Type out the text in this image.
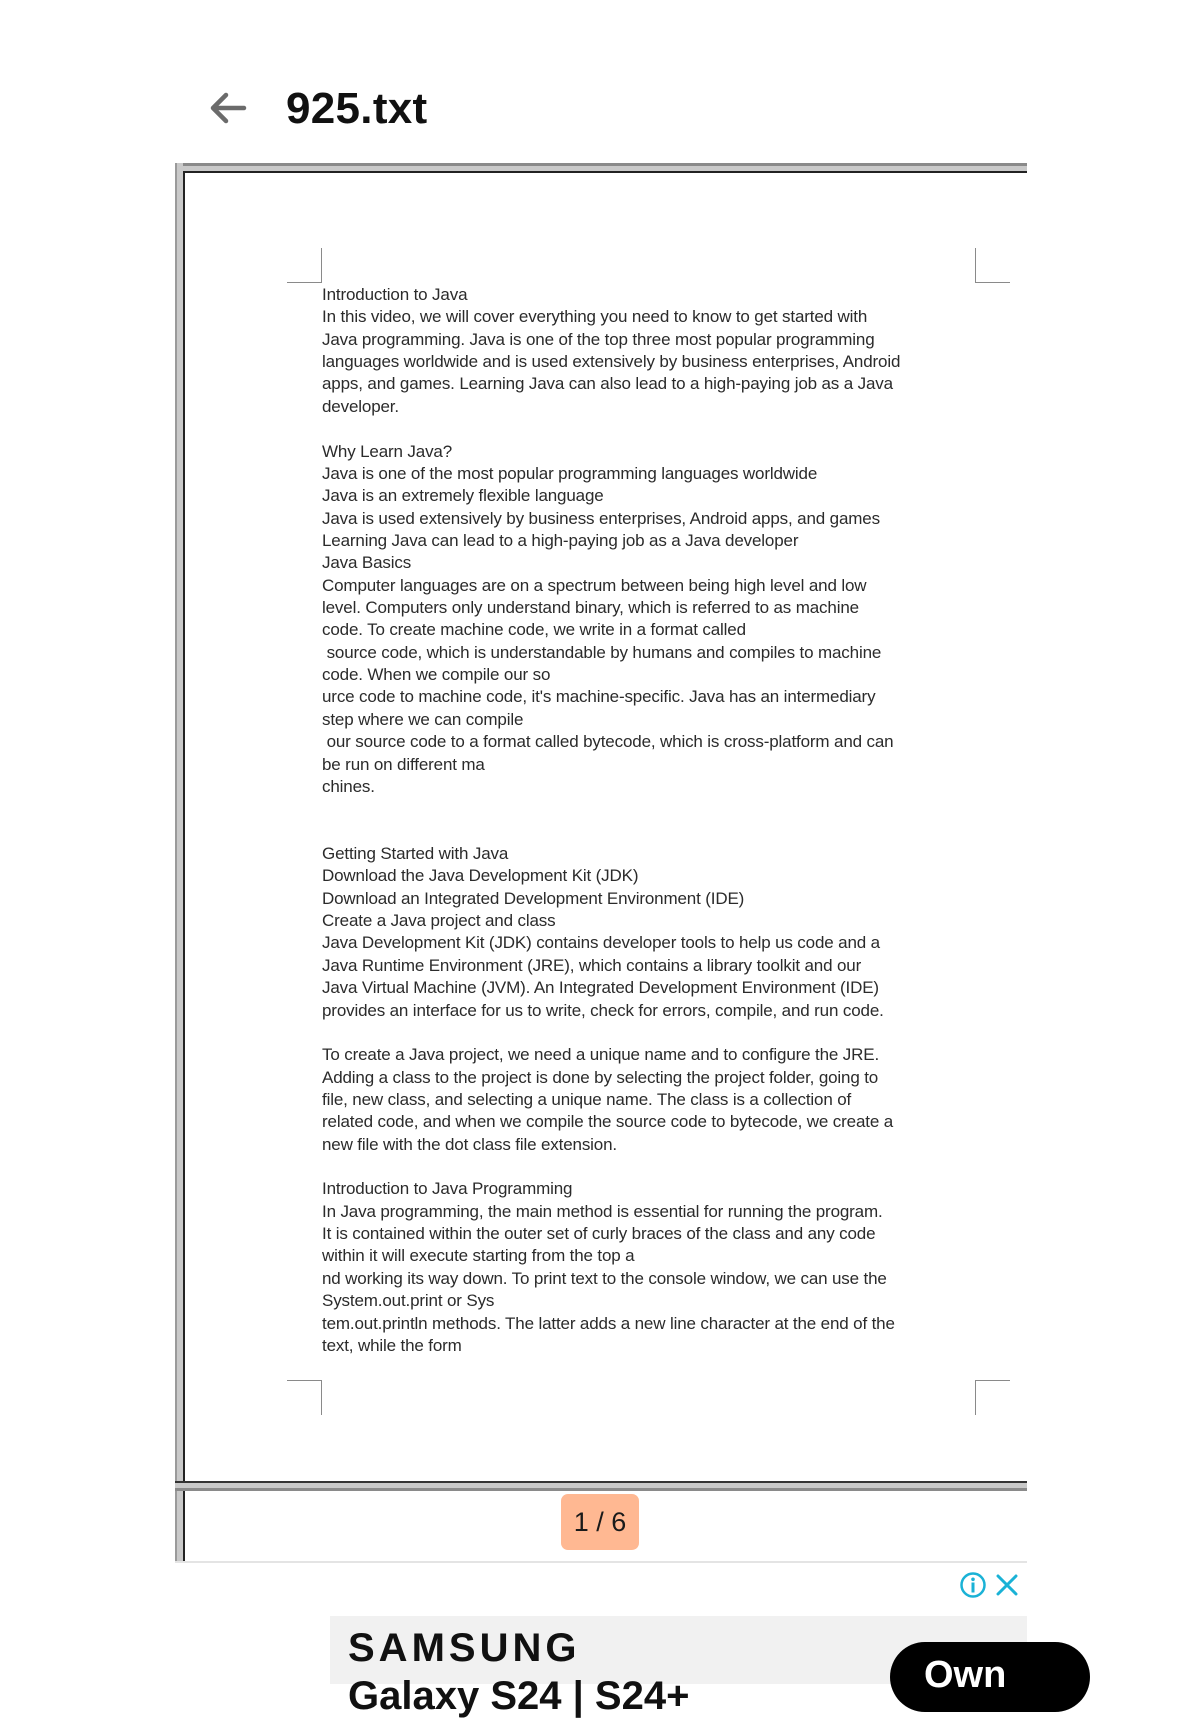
925.txt
Introduction to Java
In this video, we will cover everything you need to know to get started with
Java programming. Java is one of the top three most popular programming
languages worldwide and is used extensively by business enterprises, Android
apps, and games. Learning Java can also lead to a high-paying job as a Java
developer.
Why Learn Java?
Java is one of the most popular programming languages worldwide
Java is an extremely flexible language
Java is used extensively by business enterprises, Android apps, and games
Learning Java can lead to a high-paying job as a Java developer
Java Basics
Computer languages are on a spectrum between being high level and low
level. Computers only understand binary, which is referred to as machine
code. To create machine code, we write in a format called
source code, which is understandable by humans and compiles to machine
code. When we compile our so
urce code to machine code, it's machine-specific. Java has an intermediary
step where we can compile
our source code to a format called bytecode, which is cross-platform and can
be run on different ma
chines.
Getting Started with Java
Download the Java Development Kit (JDK)
Download an Integrated Development Environment (IDE)
Create a Java project and class
Java Development Kit (JDK) contains developer tools to help us code and a
Java Runtime Environment (JRE), which contains a library toolkit and our
Java Virtual Machine (JVM). An Integrated Development Environment (IDE)
provides an interface for us to write, check for errors, compile, and run code.
To create a Java project, we need a unique name and to configure the JRE.
Adding a class to the project is done by selecting the project folder, going to
file, new class, and selecting a unique name. The class is a collection of
related code, and when we compile the source code to bytecode, we create a
new file with the dot class file extension.
Introduction to Java Programming
In Java programming, the main method is essential for running the program.
It is contained within the outer set of curly braces of the class and any code
within it will execute starting from the top a
nd working its way down. To print text to the console window, we can use the
System.out.print or Sys
tem.out.println methods. The latter adds a new line character at the end of the
text, while the form
1 / 6
SAMSUNG
Galaxy S24 | S24+	Own
